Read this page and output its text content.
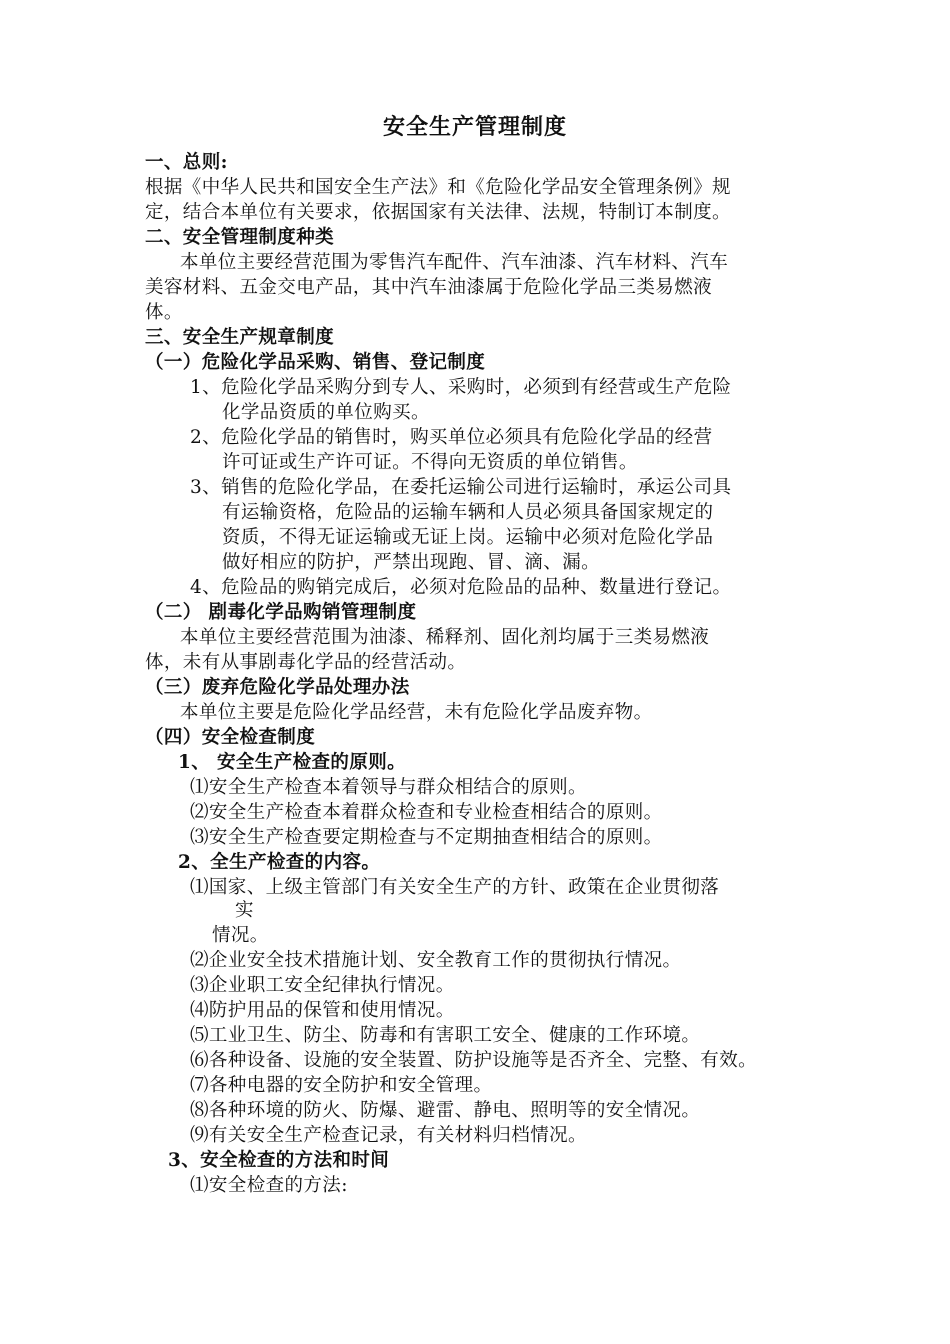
安全生产管理制度
一、总则:
根据《中华人民共和国安全生产法》和《危险化学品安全管理条例》规
定，结合本单位有关要求，依据国家有关法律、法规，特制订本制度。
二、安全管理制度种类
本单位主要经营范围为零售汽车配件、汽车油漆、汽车材料、汽车
美容材料、五金交电产品，其中汽车油漆属于危险化学品三类易燃液
体。
三、安全生产规章制度
（一）危险化学品采购、销售、登记制度
1、危险化学品采购分到专人、采购时，必须到有经营或生产危险
化学品资质的单位购买。
2、危险化学品的销售时，购买单位必须具有危险化学品的经营
许可证或生产许可证。不得向无资质的单位销售。
3、销售的危险化学品，在委托运输公司进行运输时，承运公司具
有运输资格，危险品的运输车辆和人员必须具备国家规定的
资质，不得无证运输或无证上岗。运输中必须对危险化学品
做好相应的防护，严禁出现跑、冒、滴、漏。
4、危险品的购销完成后，必须对危险品的品种、数量进行登记。
（二） 剧毒化学品购销管理制度
本单位主要经营范围为油漆、稀释剂、固化剂均属于三类易燃液
体，未有从事剧毒化学品的经营活动。
（三）废弃危险化学品处理办法
本单位主要是危险化学品经营，未有危险化学品废弃物。
（四）安全检查制度
1、 安全生产检查的原则。
⑴安全生产检查本着领导与群众相结合的原则。
⑵安全生产检查本着群众检查和专业检查相结合的原则。
⑶安全生产检查要定期检查与不定期抽查相结合的原则。
2、全生产检查的内容。
⑴国家、上级主管部门有关安全生产的方针、政策在企业贯彻落
实
情况。
⑵企业安全技术措施计划、安全教育工作的贯彻执行情况。
⑶企业职工安全纪律执行情况。
⑷防护用品的保管和使用情况。
⑸工业卫生、防尘、防毒和有害职工安全、健康的工作环境。
⑹各种设备、设施的安全装置、防护设施等是否齐全、完整、有效。
⑺各种电器的安全防护和安全管理。
⑻各种环境的防火、防爆、避雷、静电、照明等的安全情况。
⑼有关安全生产检查记录，有关材料归档情况。
3、安全检查的方法和时间
⑴安全检查的方法:
